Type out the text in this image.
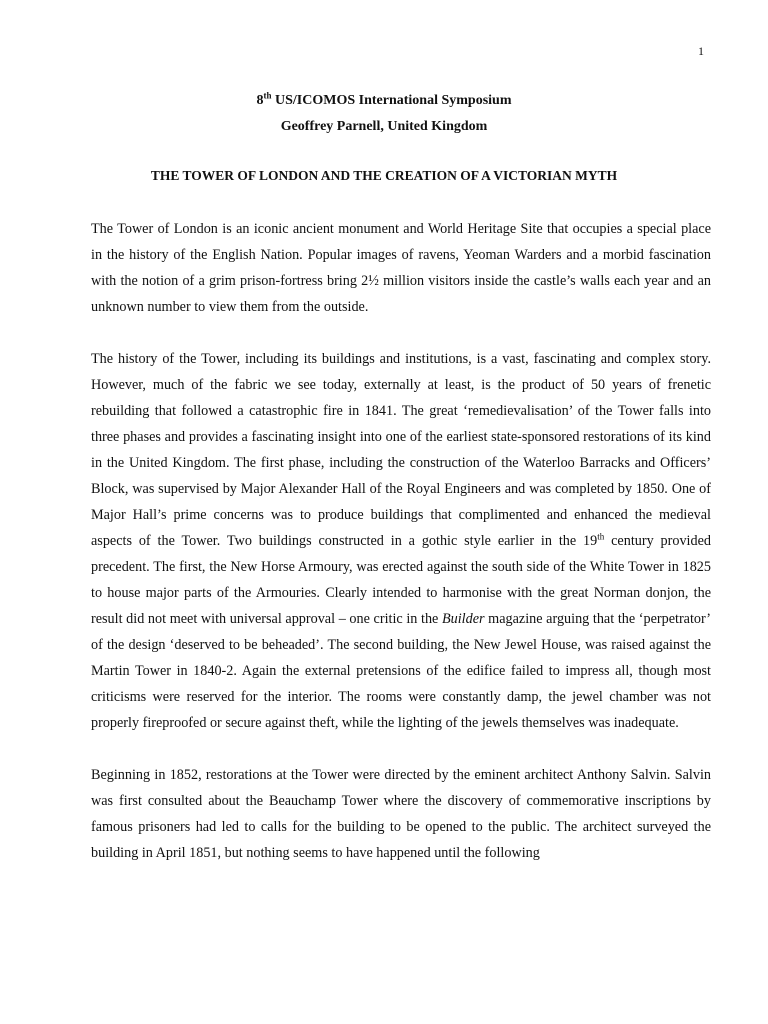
1
8th US/ICOMOS International Symposium
Geoffrey Parnell, United Kingdom
THE TOWER OF LONDON AND THE CREATION OF A VICTORIAN MYTH

The Tower of London is an iconic ancient monument and World Heritage Site that occupies a special place in the history of the English Nation. Popular images of ravens, Yeoman Warders and a morbid fascination with the notion of a grim prison-fortress bring 2½ million visitors inside the castle’s walls each year and an unknown number to view them from the outside.

The history of the Tower, including its buildings and institutions, is a vast, fascinating and complex story. However, much of the fabric we see today, externally at least, is the product of 50 years of frenetic rebuilding that followed a catastrophic fire in 1841. The great ‘remedievalisation’ of the Tower falls into three phases and provides a fascinating insight into one of the earliest state-sponsored restorations of its kind in the United Kingdom. The first phase, including the construction of the Waterloo Barracks and Officers’ Block, was supervised by Major Alexander Hall of the Royal Engineers and was completed by 1850. One of Major Hall’s prime concerns was to produce buildings that complimented and enhanced the medieval aspects of the Tower. Two buildings constructed in a gothic style earlier in the 19th century provided precedent. The first, the New Horse Armoury, was erected against the south side of the White Tower in 1825 to house major parts of the Armouries. Clearly intended to harmonise with the great Norman donjon, the result did not meet with universal approval – one critic in the Builder magazine arguing that the ‘perpetrator’ of the design ‘deserved to be beheaded’. The second building, the New Jewel House, was raised against the Martin Tower in 1840-2. Again the external pretensions of the edifice failed to impress all, though most criticisms were reserved for the interior. The rooms were constantly damp, the jewel chamber was not properly fireproofed or secure against theft, while the lighting of the jewels themselves was inadequate.

Beginning in 1852, restorations at the Tower were directed by the eminent architect Anthony Salvin. Salvin was first consulted about the Beauchamp Tower where the discovery of commemorative inscriptions by famous prisoners had led to calls for the building to be opened to the public. The architect surveyed the building in April 1851, but nothing seems to have happened until the following
